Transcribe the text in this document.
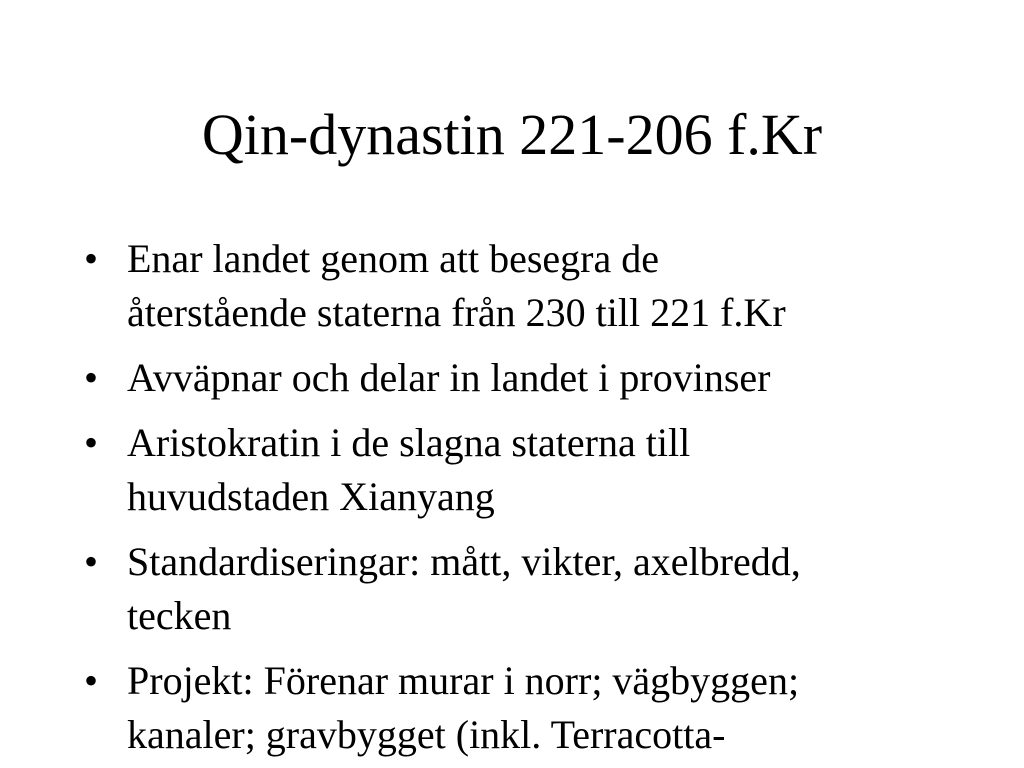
Qin-dynastin 221-206 f.Kr
• Enar landet genom att besegra de
återstående staterna från 230 till 221 f.Kr
• Avväpnar och delar in landet i provinser
• Aristokratin i de slagna staterna till
huvudstaden Xianyang
• Standardiseringar: mått, vikter, axelbredd,
tecken
• Projekt: Förenar murar i norr; vägbyggen;
kanaler; gravbygget (inkl. Terracotta-
